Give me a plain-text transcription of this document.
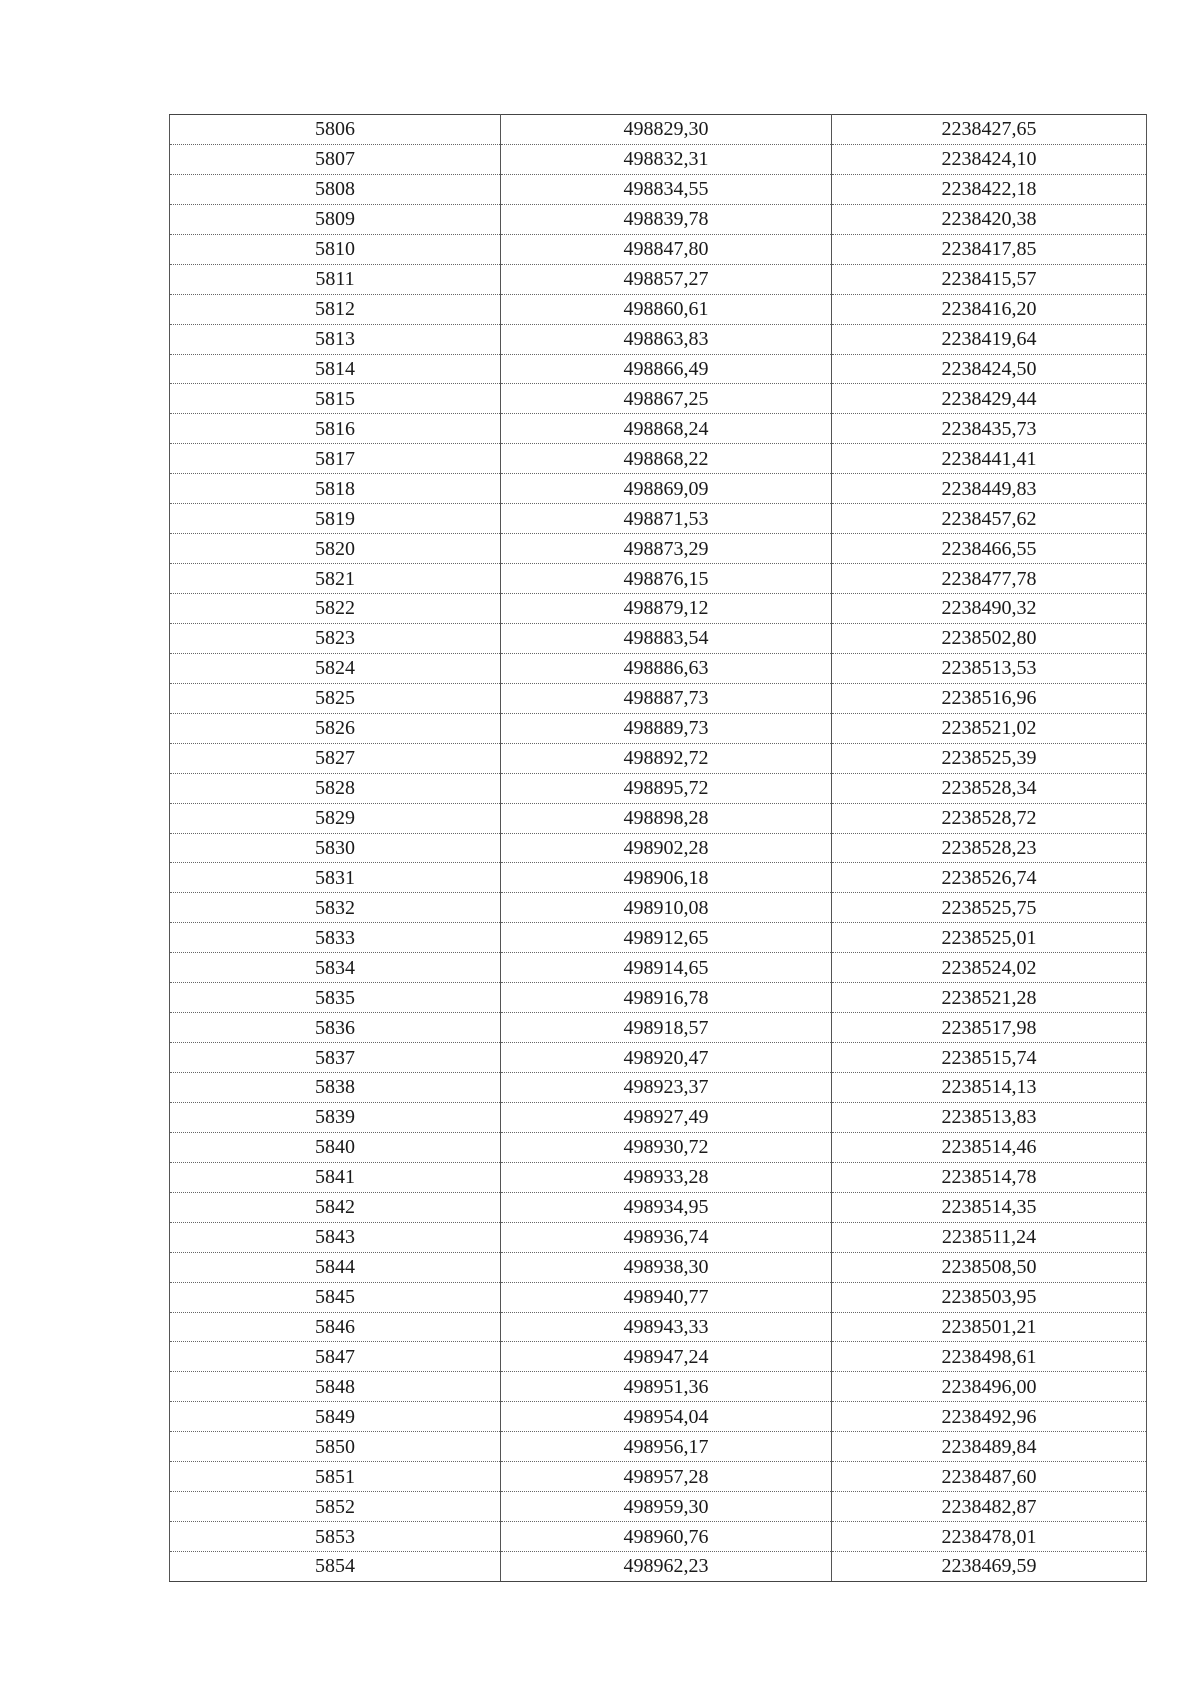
5806	498829,30	2238427,65
5807	498832,31	2238424,10
5808	498834,55	2238422,18
5809	498839,78	2238420,38
5810	498847,80	2238417,85
5811	498857,27	2238415,57
5812	498860,61	2238416,20
5813	498863,83	2238419,64
5814	498866,49	2238424,50
5815	498867,25	2238429,44
5816	498868,24	2238435,73
5817	498868,22	2238441,41
5818	498869,09	2238449,83
5819	498871,53	2238457,62
5820	498873,29	2238466,55
5821	498876,15	2238477,78
5822	498879,12	2238490,32
5823	498883,54	2238502,80
5824	498886,63	2238513,53
5825	498887,73	2238516,96
5826	498889,73	2238521,02
5827	498892,72	2238525,39
5828	498895,72	2238528,34
5829	498898,28	2238528,72
5830	498902,28	2238528,23
5831	498906,18	2238526,74
5832	498910,08	2238525,75
5833	498912,65	2238525,01
5834	498914,65	2238524,02
5835	498916,78	2238521,28
5836	498918,57	2238517,98
5837	498920,47	2238515,74
5838	498923,37	2238514,13
5839	498927,49	2238513,83
5840	498930,72	2238514,46
5841	498933,28	2238514,78
5842	498934,95	2238514,35
5843	498936,74	2238511,24
5844	498938,30	2238508,50
5845	498940,77	2238503,95
5846	498943,33	2238501,21
5847	498947,24	2238498,61
5848	498951,36	2238496,00
5849	498954,04	2238492,96
5850	498956,17	2238489,84
5851	498957,28	2238487,60
5852	498959,30	2238482,87
5853	498960,76	2238478,01
5854	498962,23	2238469,59
